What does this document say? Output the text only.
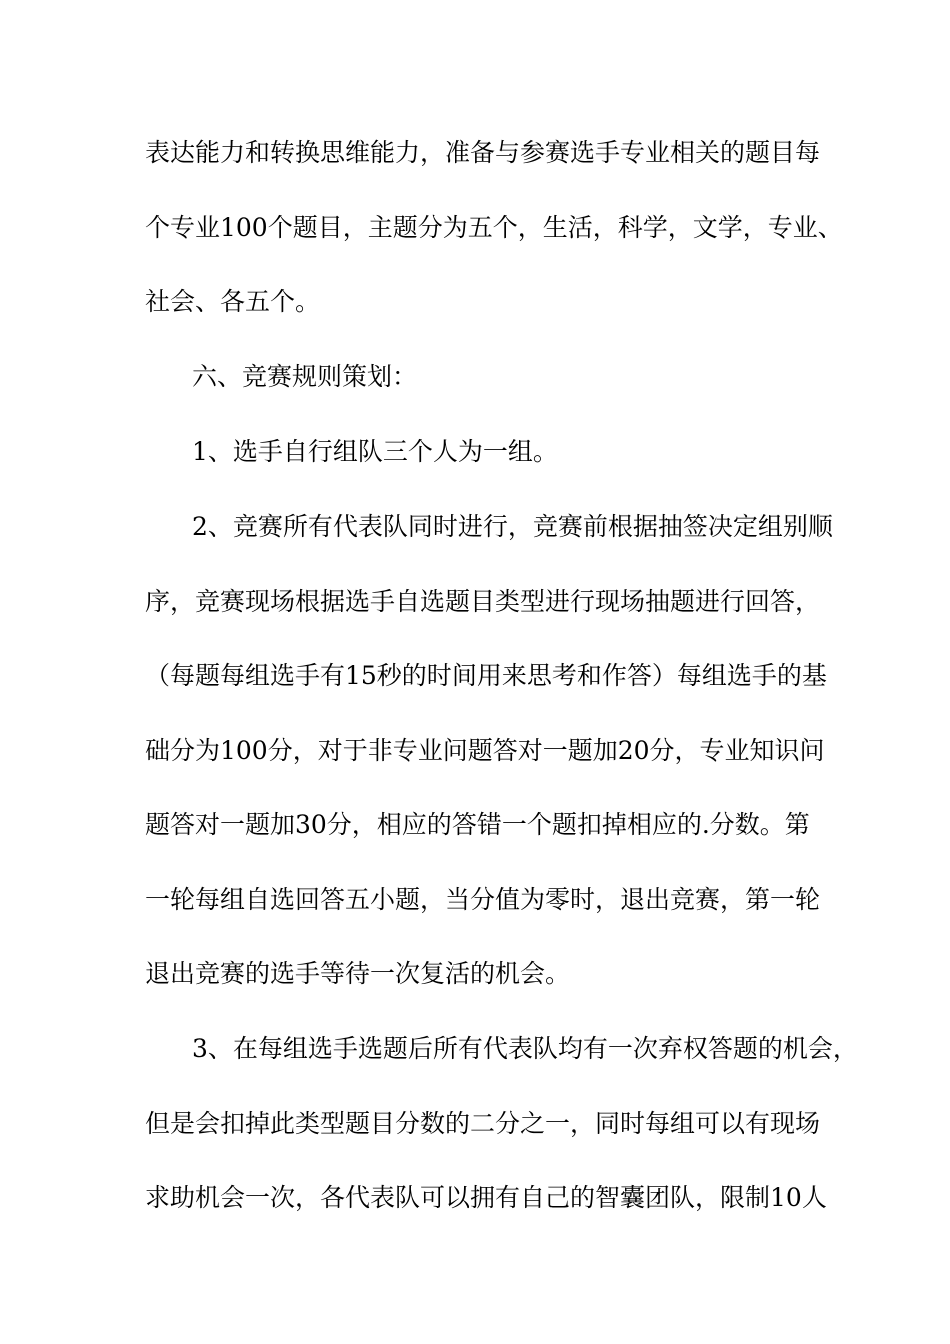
表达能力和转换思维能力，准备与参赛选手专业相关的题目每
个专业100个题目，主题分为五个，生活，科学，文学，专业、
社会、各五个。
六、竞赛规则策划：
1、选手自行组队三个人为一组。
2、竞赛所有代表队同时进行，竞赛前根据抽签决定组别顺
序，竞赛现场根据选手自选题目类型进行现场抽题进行回答，
（每题每组选手有15秒的时间用来思考和作答）每组选手的基
础分为100分，对于非专业问题答对一题加20分，专业知识问
题答对一题加30分，相应的答错一个题扣掉相应的.分数。第
一轮每组自选回答五小题，当分值为零时，退出竞赛，第一轮
退出竞赛的选手等待一次复活的机会。
3、在每组选手选题后所有代表队均有一次弃权答题的机会，
但是会扣掉此类型题目分数的二分之一，同时每组可以有现场
求助机会一次，各代表队可以拥有自己的智囊团队，限制10人
